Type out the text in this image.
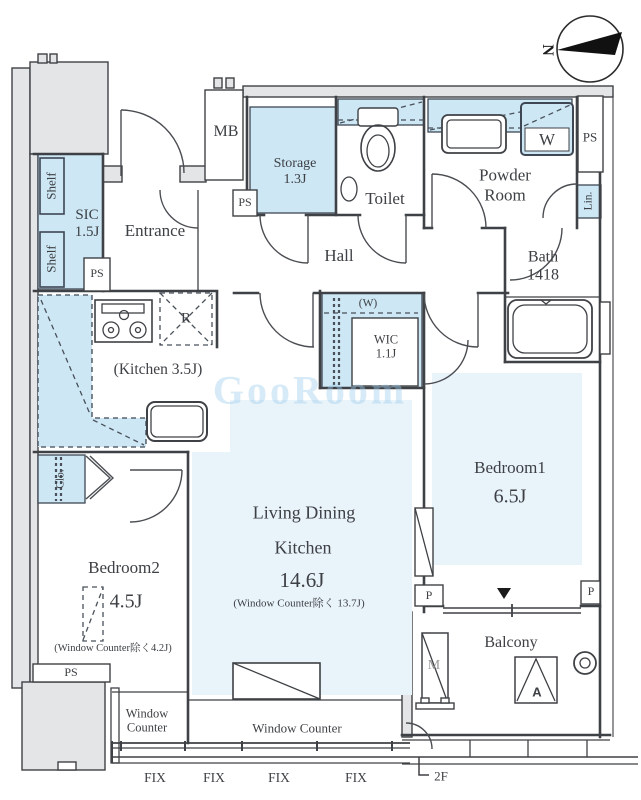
N
GooRoom
Shelf
Shelf
SIC
1.5J
PS
Entrance
MB
PS
Storage
1.3J
Toilet
Powder
Room
W PS
Lin.
Bath
1418
Hall
(Kitchen 3.5J)
R
(W)
WIC
1.1J
Bedroom1
6.5J
Clo.
Bedroom2
4.5J
(Window Counter除く4.2J)
Living Dining
Kitchen
14.6J
(Window Counter除く 13.7J)
PS
Window Counter	Window Counter
P	P
Balcony
M
A
FIX	FIX	FIX	FIX	2F
